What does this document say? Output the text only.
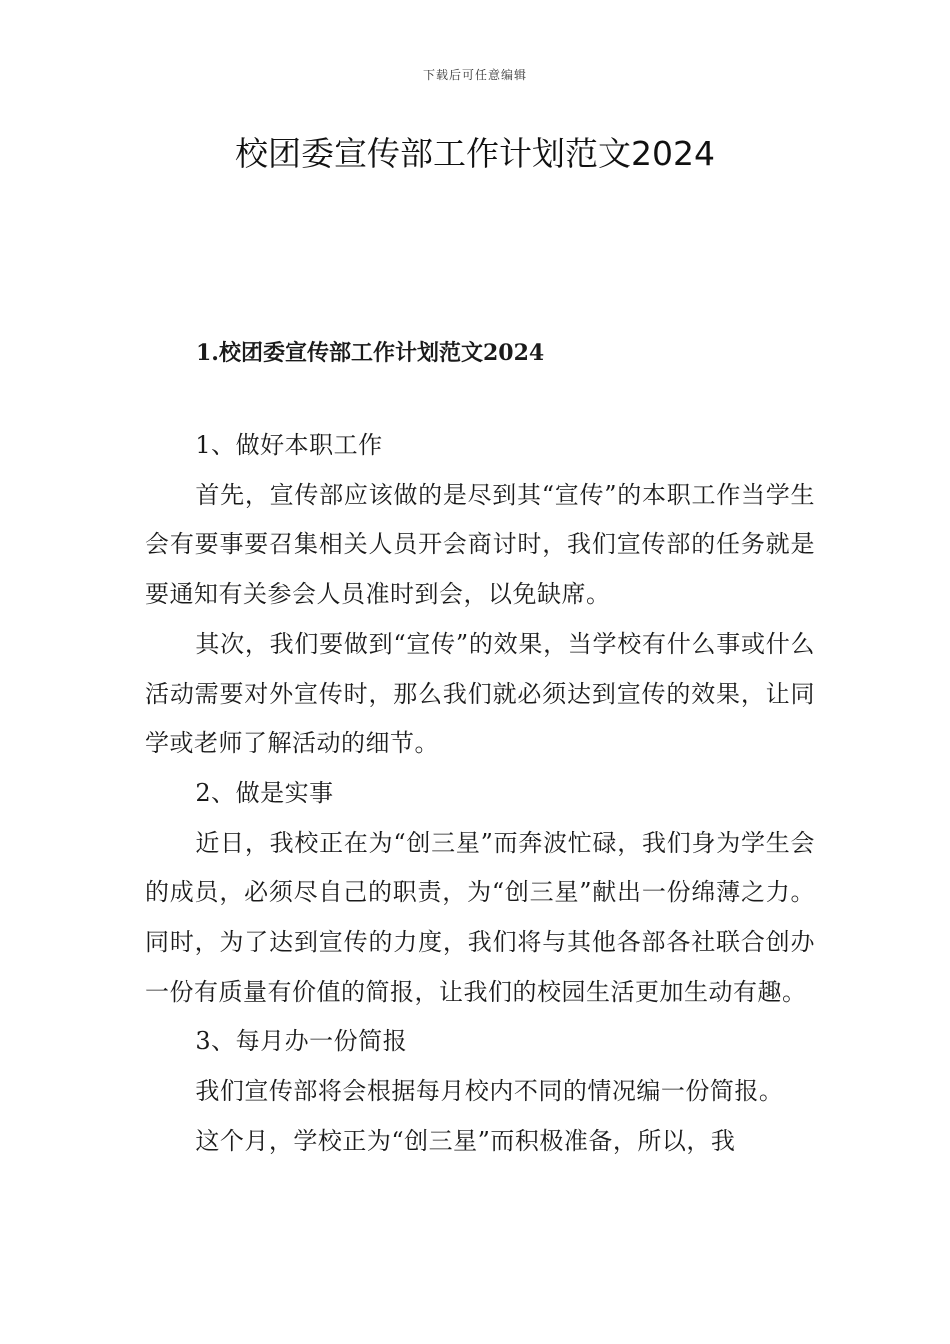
下载后可任意编辑
校团委宣传部工作计划范文2024
1.校团委宣传部工作计划范文2024

1、做好本职工作

首先，宣传部应该做的是尽到其“宣传”的本职工作当学生会有要事要召集相关人员开会商讨时，我们宣传部的任务就是要通知有关参会人员准时到会，以免缺席。

其次，我们要做到“宣传”的效果，当学校有什么事或什么活动需要对外宣传时，那么我们就必须达到宣传的效果，让同学或老师了解活动的细节。

2、做是实事

近日，我校正在为“创三星”而奔波忙碌，我们身为学生会的成员，必须尽自己的职责，为“创三星”献出一份绵薄之力。同时，为了达到宣传的力度，我们将与其他各部各社联合创办一份有质量有价值的简报，让我们的校园生活更加生动有趣。

3、每月办一份简报

我们宣传部将会根据每月校内不同的情况编一份简报。

这个月，学校正为“创三星”而积极准备，所以，我
